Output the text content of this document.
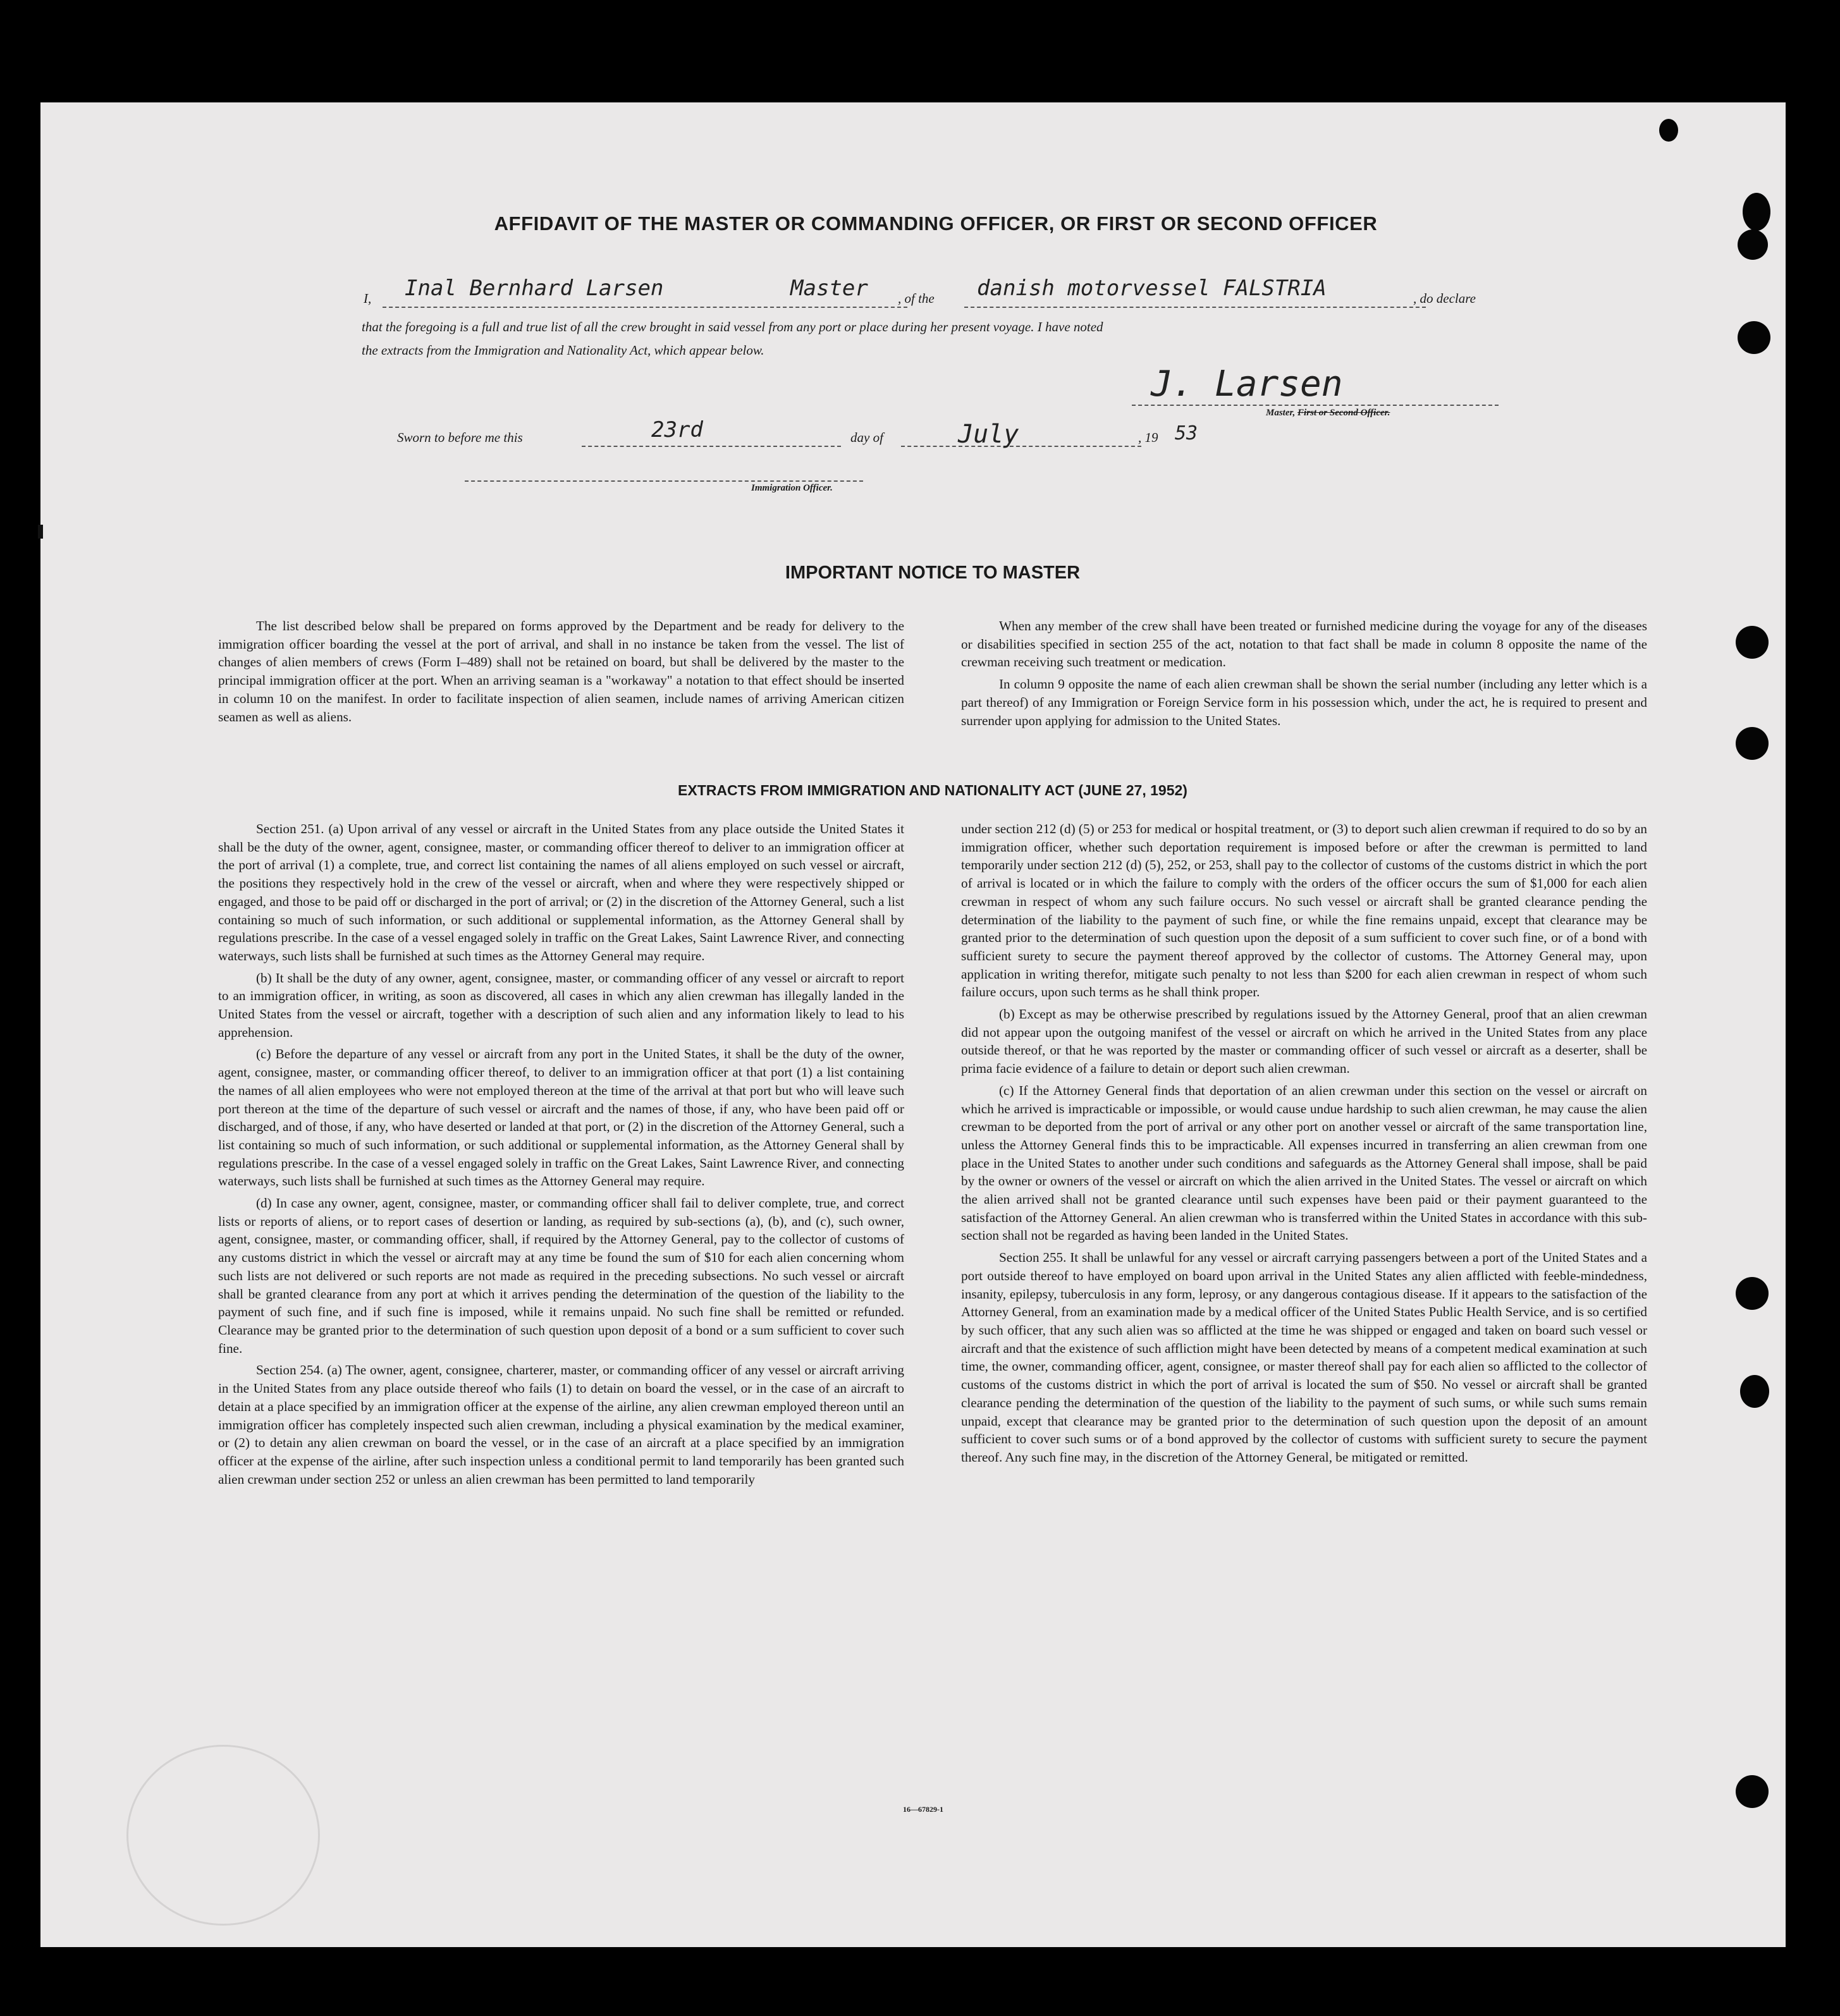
AFFIDAVIT OF THE MASTER OR COMMANDING OFFICER, OR FIRST OR SECOND OFFICER
I, Inal Bernhard Larsen	Master , of the danish motorvessel FALSTRIA	, do declare
that the foregoing is a full and true list of all the crew brought in said vessel from any port or place during her present voyage. I have noted
the extracts from the Immigration and Nationality Act, which appear below.
J. Larsen
Master, First or Second Officer.
Sworn to before me this	23rd	day of	July	, 19 53
Immigration Officer.
IMPORTANT NOTICE TO MASTER

The list described below shall be prepared on forms approved by the Department and be ready for delivery to the immigration officer boarding the vessel at the port of arrival, and shall in no instance be taken from the vessel. The list of changes of alien members of crews (Form I–489) shall not be retained on board, but shall be delivered by the master to the principal immigration officer at the port. When an arriving seaman is a "workaway" a notation to that effect should be inserted in column 10 on the manifest. In order to facilitate inspection of alien seamen, include names of arriving American citizen seamen as well as aliens.

When any member of the crew shall have been treated or furnished medicine during the voyage for any of the diseases or disabilities specified in section 255 of the act, notation to that fact shall be made in column 8 opposite the name of the crewman receiving such treatment or medication.

In column 9 opposite the name of each alien crewman shall be shown the serial number (including any letter which is a part thereof) of any Immigration or Foreign Service form in his possession which, under the act, he is required to present and surrender upon applying for admission to the United States.

EXTRACTS FROM IMMIGRATION AND NATIONALITY ACT (JUNE 27, 1952)

Section 251. (a) Upon arrival of any vessel or aircraft in the United States from any place outside the United States it shall be the duty of the owner, agent, consignee, master, or commanding officer thereof to deliver to an immigration officer at the port of arrival (1) a complete, true, and correct list containing the names of all aliens employed on such vessel or aircraft, the positions they respectively hold in the crew of the vessel or aircraft, when and where they were respectively shipped or engaged, and those to be paid off or discharged in the port of arrival; or (2) in the discretion of the Attorney General, such a list containing so much of such information, or such additional or supplemental information, as the Attorney General shall by regulations prescribe. In the case of a vessel engaged solely in traffic on the Great Lakes, Saint Lawrence River, and connecting waterways, such lists shall be furnished at such times as the Attorney General may require.

(b) It shall be the duty of any owner, agent, consignee, master, or commanding officer of any vessel or aircraft to report to an immigration officer, in writing, as soon as discovered, all cases in which any alien crewman has illegally landed in the United States from the vessel or aircraft, together with a description of such alien and any information likely to lead to his apprehension.

(c) Before the departure of any vessel or aircraft from any port in the United States, it shall be the duty of the owner, agent, consignee, master, or commanding officer thereof, to deliver to an immigration officer at that port (1) a list containing the names of all alien employees who were not employed thereon at the time of the arrival at that port but who will leave such port thereon at the time of the departure of such vessel or aircraft and the names of those, if any, who have been paid off or discharged, and of those, if any, who have deserted or landed at that port, or (2) in the discretion of the Attorney General, such a list containing so much of such information, or such additional or supplemental information, as the Attorney General shall by regulations prescribe. In the case of a vessel engaged solely in traffic on the Great Lakes, Saint Lawrence River, and connecting waterways, such lists shall be furnished at such times as the Attorney General may require.

(d) In case any owner, agent, consignee, master, or commanding officer shall fail to deliver complete, true, and correct lists or reports of aliens, or to report cases of desertion or landing, as required by sub-sections (a), (b), and (c), such owner, agent, consignee, master, or commanding officer, shall, if required by the Attorney General, pay to the collector of customs of any customs district in which the vessel or aircraft may at any time be found the sum of $10 for each alien concerning whom such lists are not delivered or such reports are not made as required in the preceding subsections. No such vessel or aircraft shall be granted clearance from any port at which it arrives pending the determination of the question of the liability to the payment of such fine, and if such fine is imposed, while it remains unpaid. No such fine shall be remitted or refunded. Clearance may be granted prior to the determination of such question upon deposit of a bond or a sum sufficient to cover such fine.

Section 254. (a) The owner, agent, consignee, charterer, master, or commanding officer of any vessel or aircraft arriving in the United States from any place outside thereof who fails (1) to detain on board the vessel, or in the case of an aircraft to detain at a place specified by an immigration officer at the expense of the airline, any alien crewman employed thereon until an immigration officer has completely inspected such alien crewman, including a physical examination by the medical examiner, or (2) to detain any alien crewman on board the vessel, or in the case of an aircraft at a place specified by an immigration officer at the expense of the airline, after such inspection unless a conditional permit to land temporarily has been granted such alien crewman under section 252 or unless an alien crewman has been permitted to land temporarily

under section 212 (d) (5) or 253 for medical or hospital treatment, or (3) to deport such alien crewman if required to do so by an immigration officer, whether such deportation requirement is imposed before or after the crewman is permitted to land temporarily under section 212 (d) (5), 252, or 253, shall pay to the collector of customs of the customs district in which the port of arrival is located or in which the failure to comply with the orders of the officer occurs the sum of $1,000 for each alien crewman in respect of whom any such failure occurs. No such vessel or aircraft shall be granted clearance pending the determination of the liability to the payment of such fine, or while the fine remains unpaid, except that clearance may be granted prior to the determination of such question upon the deposit of a sum sufficient to cover such fine, or of a bond with sufficient surety to secure the payment thereof approved by the collector of customs. The Attorney General may, upon application in writing therefor, mitigate such penalty to not less than $200 for each alien crewman in respect of whom such failure occurs, upon such terms as he shall think proper.

(b) Except as may be otherwise prescribed by regulations issued by the Attorney General, proof that an alien crewman did not appear upon the outgoing manifest of the vessel or aircraft on which he arrived in the United States from any place outside thereof, or that he was reported by the master or commanding officer of such vessel or aircraft as a deserter, shall be prima facie evidence of a failure to detain or deport such alien crewman.

(c) If the Attorney General finds that deportation of an alien crewman under this section on the vessel or aircraft on which he arrived is impracticable or impossible, or would cause undue hardship to such alien crewman, he may cause the alien crewman to be deported from the port of arrival or any other port on another vessel or aircraft of the same transportation line, unless the Attorney General finds this to be impracticable. All expenses incurred in transferring an alien crewman from one place in the United States to another under such conditions and safeguards as the Attorney General shall impose, shall be paid by the owner or owners of the vessel or aircraft on which the alien arrived in the United States. The vessel or aircraft on which the alien arrived shall not be granted clearance until such expenses have been paid or their payment guaranteed to the satisfaction of the Attorney General. An alien crewman who is transferred within the United States in accordance with this sub-section shall not be regarded as having been landed in the United States.

Section 255. It shall be unlawful for any vessel or aircraft carrying passengers between a port of the United States and a port outside thereof to have employed on board upon arrival in the United States any alien afflicted with feeble-mindedness, insanity, epilepsy, tuberculosis in any form, leprosy, or any dangerous contagious disease. If it appears to the satisfaction of the Attorney General, from an examination made by a medical officer of the United States Public Health Service, and is so certified by such officer, that any such alien was so afflicted at the time he was shipped or engaged and taken on board such vessel or aircraft and that the existence of such affliction might have been detected by means of a competent medical examination at such time, the owner, commanding officer, agent, consignee, or master thereof shall pay for each alien so afflicted to the collector of customs of the customs district in which the port of arrival is located the sum of $50. No vessel or aircraft shall be granted clearance pending the determination of the question of the liability to the payment of such sums, or while such sums remain unpaid, except that clearance may be granted prior to the determination of such question upon the deposit of an amount sufficient to cover such sums or of a bond approved by the collector of customs with sufficient surety to secure the payment thereof. Any such fine may, in the discretion of the Attorney General, be mitigated or remitted.

16—67829-1
